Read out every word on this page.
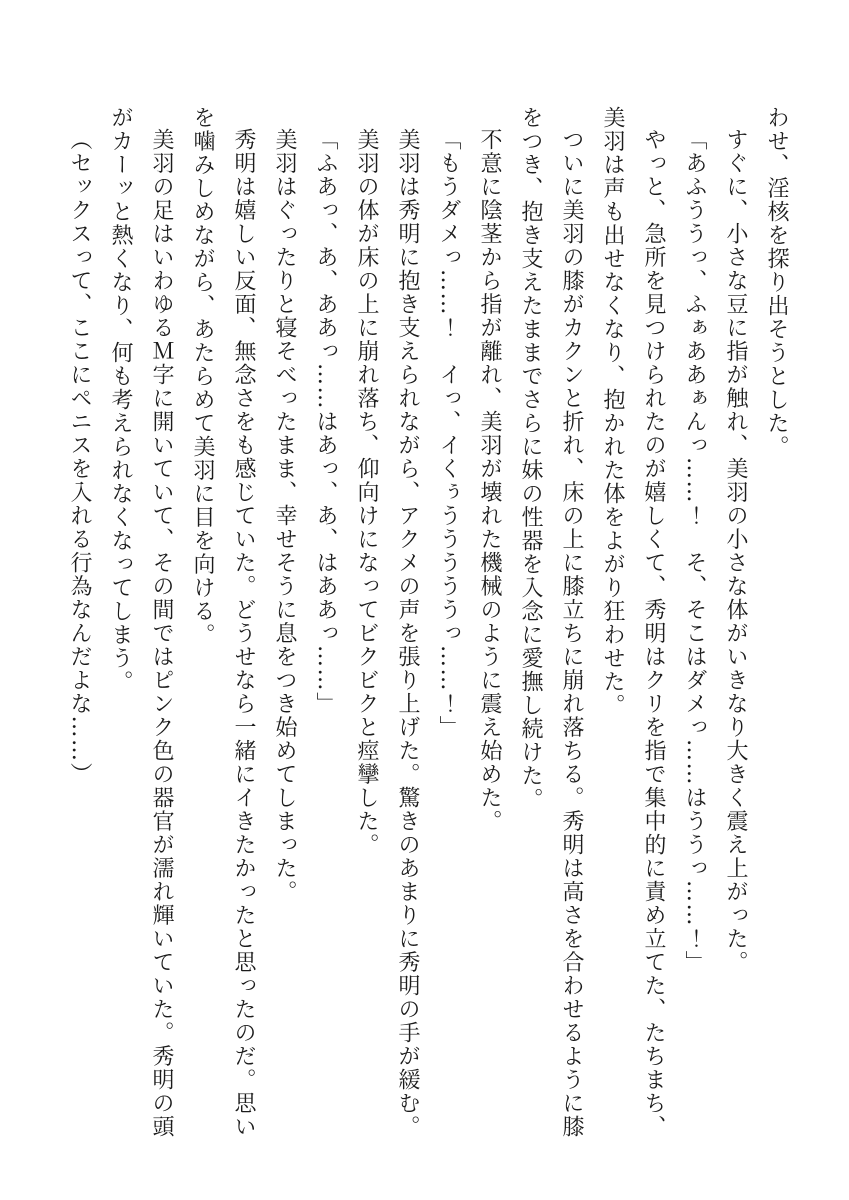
わせ、淫核を探り出そうとした。

すぐに、小さな豆に指が触れ、美羽の小さな体がいきなり大きく震え上がった。

「あふううっ、ふぁああぁんっ……！　そ、そこはダメっ……はううっ……！」

やっと、急所を見つけられたのが嬉しくて、秀明はクリを指で集中的に責め立てた、たちまち、
美羽は声も出せなくなり、抱かれた体をよがり狂わせた。

ついに美羽の膝がカクンと折れ、床の上に膝立ちに崩れ落ちる。秀明は高さを合わせるように膝
をつき、抱き支えたままでさらに妹の性器を入念に愛撫し続けた。

不意に陰茎から指が離れ、美羽が壊れた機械のように震え始めた。

「もうダメっ……！　イっ、イくぅうううううっ……！」

美羽は秀明に抱き支えられながら、アクメの声を張り上げた。驚きのあまりに秀明の手が緩む。

美羽の体が床の上に崩れ落ち、仰向けになってビクビクと痙攣した。

「ふあっ、あ、ああっ……はあっ、あ、はああっ……」

美羽はぐったりと寝そべったまま、幸せそうに息をつき始めてしまった。

秀明は嬉しい反面、無念さをも感じていた。どうせなら一緒にイきたかったと思ったのだ。思い
を噛みしめながら、あたらめて美羽に目を向ける。

美羽の足はいわゆるＭ字に開いていて、その間ではピンク色の器官が濡れ輝いていた。秀明の頭
がカーッと熱くなり、何も考えられなくなってしまう。

（セックスって、ここにペニスを入れる行為なんだよな……）
